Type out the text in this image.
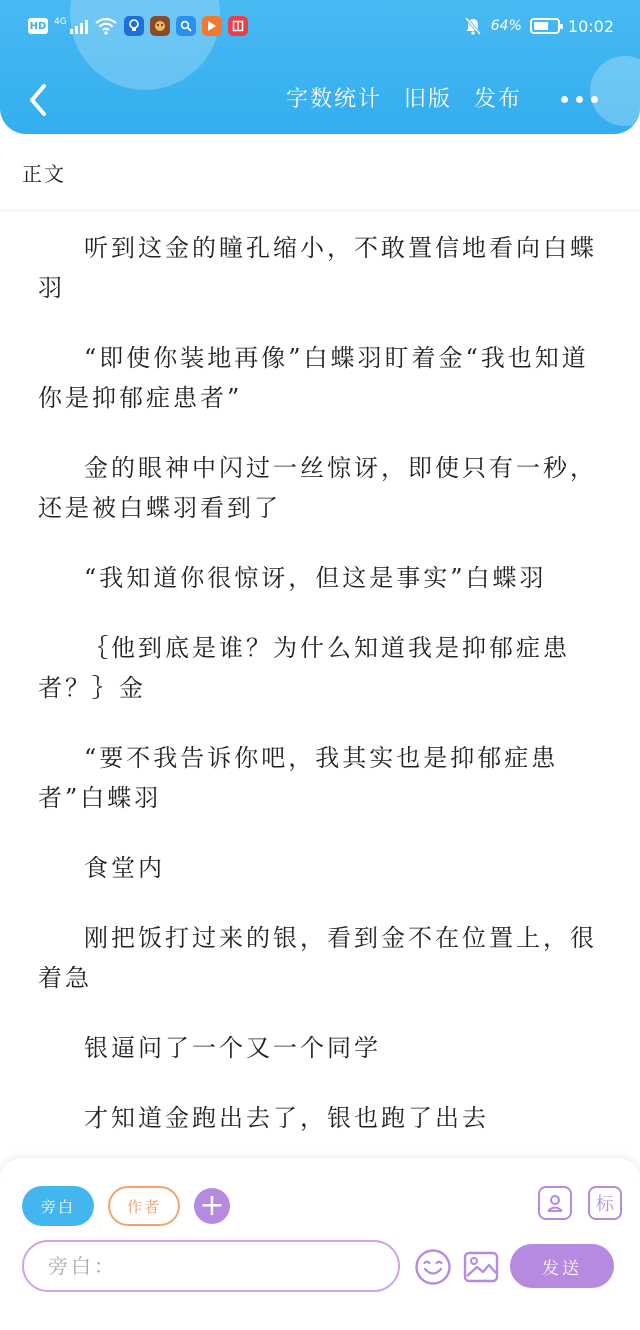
HD 4G	64%	10:02
字数统计 旧版 发布
正文

听到这金的瞳孔缩小，不敢置信地看向白蝶羽

“即使你装地再像”白蝶羽盯着金“我也知道你是抑郁症患者”

金的眼神中闪过一丝惊讶，即使只有一秒，还是被白蝶羽看到了

“我知道你很惊讶，但这是事实”白蝶羽

｛他到底是谁？为什么知道我是抑郁症患者？｝金

“要不我告诉你吧，我其实也是抑郁症患者”白蝶羽

食堂内

刚把饭打过来的银，看到金不在位置上，很着急

银逼问了一个又一个同学

才知道金跑出去了，银也跑了出去

旁白	作者	+	标
旁白：
发送
